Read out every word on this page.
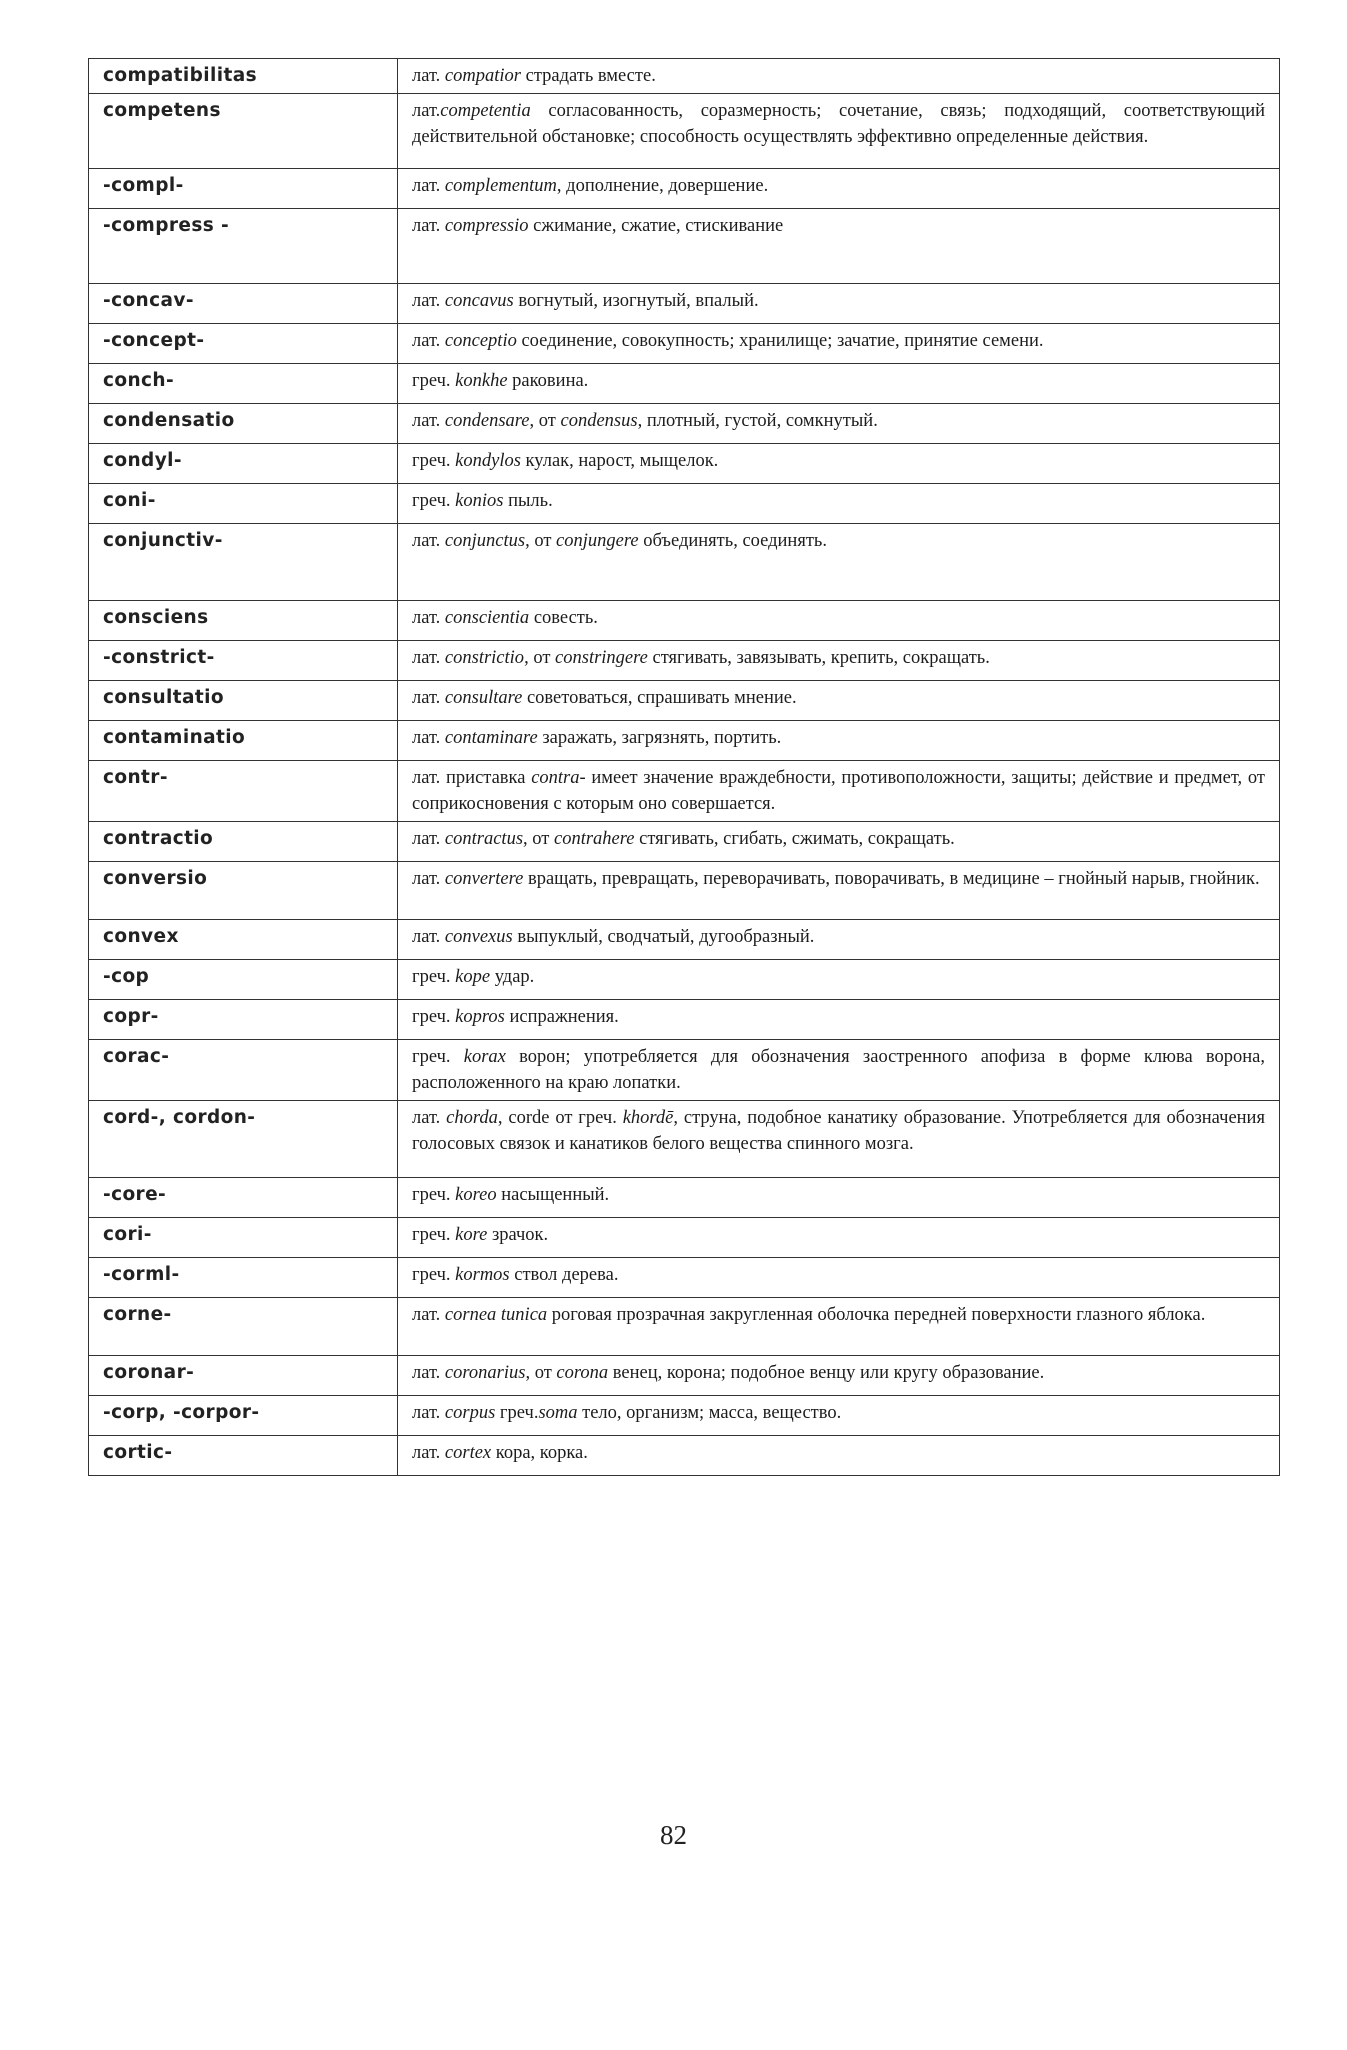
compatibilitas	лат. compatior страдать вместе.
competens	лат.competentia согласованность, соразмерность; сочетание, связь; подходящий, соответствующий действительной обстановке; способность осуществлять эффективно определенные действия.
-compl-	лат. complementum, дополнение, довершение.
-compress -	лат. compressio сжимание, сжатие, стискивание
-concav-	лат. concavus вогнутый, изогнутый, впалый.
-concept-	лат. conceptio соединение, совокупность; хранилище; зачатие, принятие семени.
conch-	греч. konkhe раковина.
condensatio	лат. condensare, от condensus, плотный, густой, сомкнутый.
condyl-	греч. kondylos кулак, нарост, мыщелок.
coni-	греч. konios пыль.
conjunctiv-	лат. conjunctus, от conjungere объединять, соединять.
consciens	лат. conscientia совесть.
-constrict-	лат. constrictio, от constringere стягивать, завязывать, крепить, сокращать.
consultatio	лат. consultare советоваться, спрашивать мнение.
contaminatio	лат. contaminare заражать, загрязнять, портить.
contr-	лат. приставка contra- имеет значение враждебности, противоположности, защиты; действие и предмет, от соприкосновения с которым оно совершается.
contractio	лат. contractus, от contrahere стягивать, сгибать, сжимать, сокращать.
conversio	лат. convertere вращать, превращать, переворачивать, поворачивать, в медицине – гнойный нарыв, гнойник.
convex	лат. convexus выпуклый, сводчатый, дугообразный.
-cop	греч. kope удар.
copr-	греч. kopros испражнения.
corac-	греч. korax ворон; употребляется для обозначения заостренного апофиза в форме клюва ворона, расположенного на краю лопатки.
cord-, cordon-	лат. chorda, corde от греч. khordē, струна, подобное канатику образование. Употребляется для обозначения голосовых связок и канатиков белого вещества спинного мозга.
-core-	греч. koreo насыщенный.
cori-	греч. kore зрачок.
-corml-	греч. kormos ствол дерева.
corne-	лат. cornea tunica роговая прозрачная закругленная оболочка передней поверхности глазного яблока.
coronar-	лат. coronarius, от corona венец, корона; подобное венцу или кругу образование.
-corp, -corpor-	лат. corpus греч.soma тело, организм; масса, вещество.
cortic-	лат. cortex кора, корка.
82
